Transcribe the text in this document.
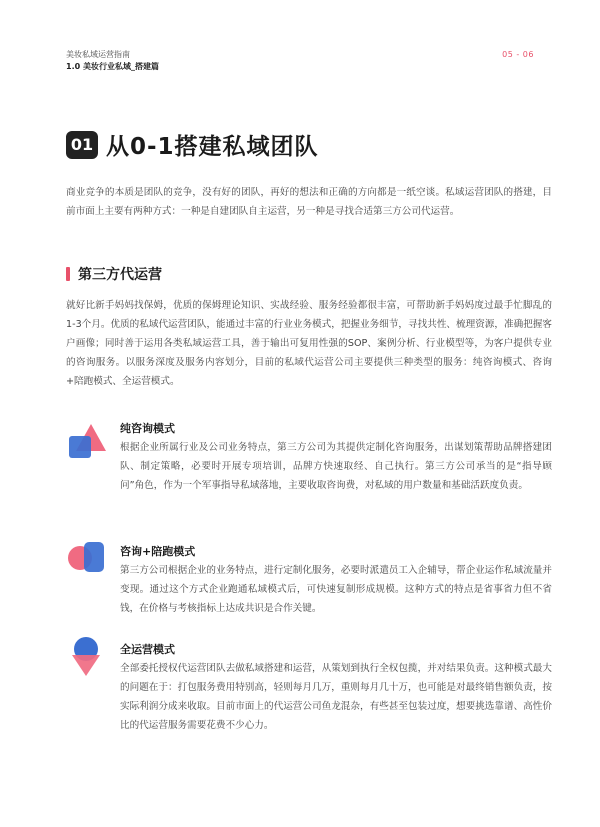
美妆私域运营指南
1.0 美妆行业私域_搭建篇
05 - 06
01 从0-1搭建私域团队
商业竞争的本质是团队的竞争，没有好的团队，再好的想法和正确的方向都是一纸空谈。私域运营团队的搭建，目前市面上主要有两种方式：一种是自建团队自主运营，另一种是寻找合适第三方公司代运营。
第三方代运营
就好比新手妈妈找保姆，优质的保姆理论知识、实战经验、服务经验都很丰富，可帮助新手妈妈度过最手忙脚乱的1-3个月。优质的私域代运营团队，能通过丰富的行业业务模式，把握业务细节，寻找共性、梳理资源，准确把握客户画像；同时善于运用各类私域运营工具，善于输出可复用性强的SOP、案例分析、行业模型等，为客户提供专业的咨询服务。以服务深度及服务内容划分，目前的私域代运营公司主要提供三种类型的服务：纯咨询模式、咨询+陪跑模式、全运营模式。
纯咨询模式
根据企业所属行业及公司业务特点，第三方公司为其提供定制化咨询服务，出谋划策帮助品牌搭建团队、制定策略，必要时开展专项培训，品牌方快速取经、自己执行。第三方公司承当的是“指导顾问”角色，作为一个军事指导私域落地，主要收取咨询费，对私域的用户数量和基础活跃度负责。
咨询+陪跑模式
第三方公司根据企业的业务特点，进行定制化服务，必要时派遣员工入企辅导，帮企业运作私域流量并变现。通过这个方式企业跑通私域模式后，可快速复制形成规模。这种方式的特点是省事省力但不省钱，在价格与考核指标上达成共识是合作关键。
全运营模式
全部委托授权代运营团队去做私域搭建和运营，从策划到执行全权包揽，并对结果负责。这种模式最大的问题在于：打包服务费用特别高，轻则每月几万，重则每月几十万，也可能是对最终销售额负责，按实际利润分成来收取。目前市面上的代运营公司鱼龙混杂，有些甚至包装过度，想要挑选靠谱、高性价比的代运营服务需要花费不少心力。
